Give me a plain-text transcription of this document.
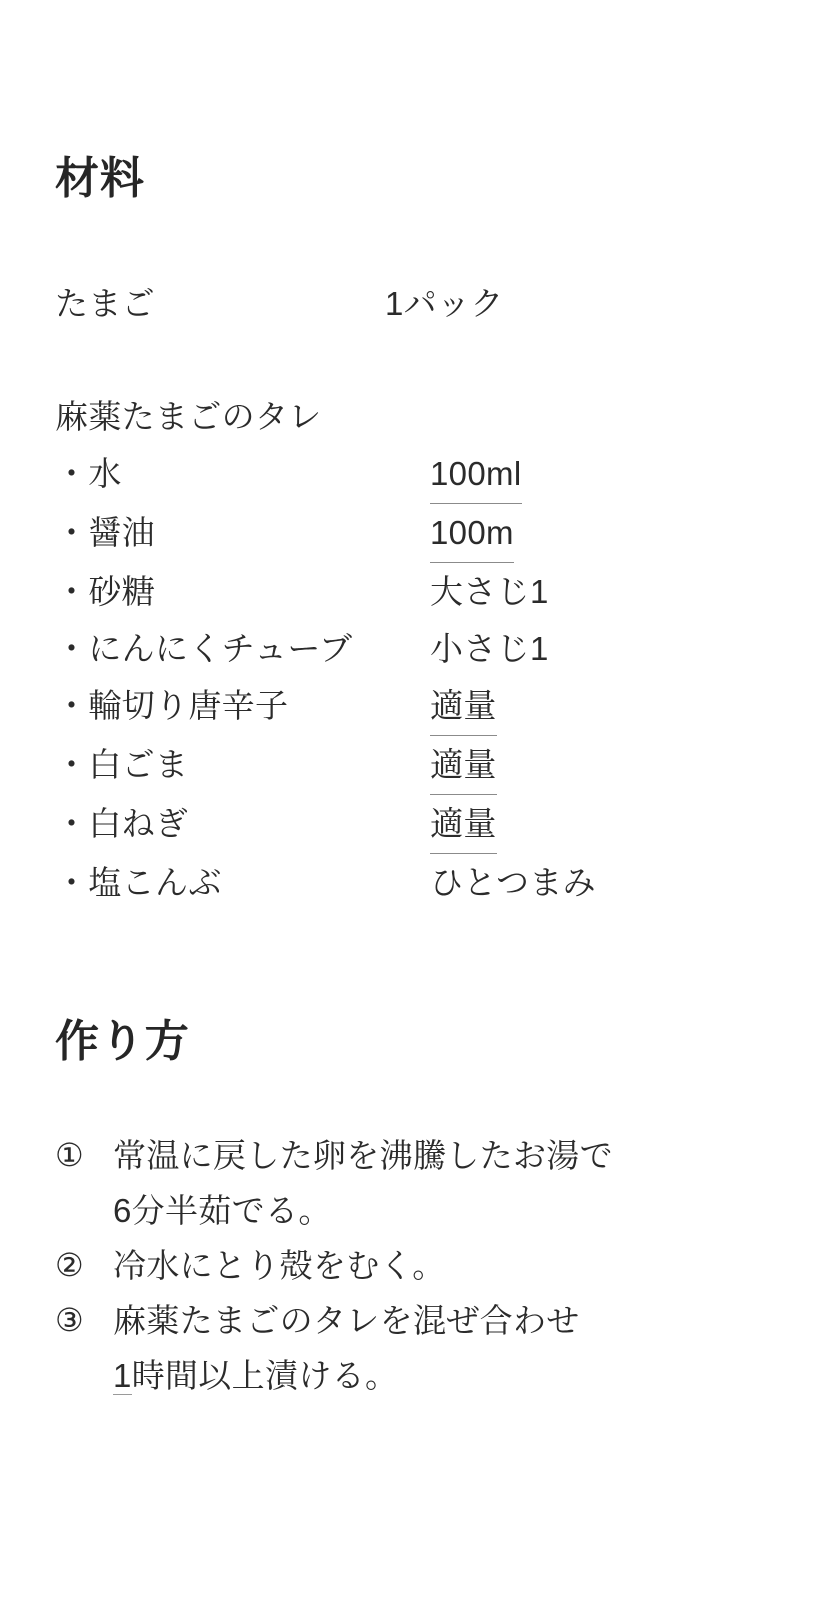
材料
たまご	1パック
麻薬たまごのタレ
・水	100ml
・醤油	100m
・砂糖	大さじ1
・にんにくチューブ	小さじ1
・輪切り唐辛子	適量
・白ごま	適量
・白ねぎ	適量
・塩こんぶ	ひとつまみ
作り方
① 常温に戻した卵を沸騰したお湯で
6分半茹でる。
② 冷水にとり殻をむく。
③ 麻薬たまごのタレを混ぜ合わせ
1時間以上漬ける。
